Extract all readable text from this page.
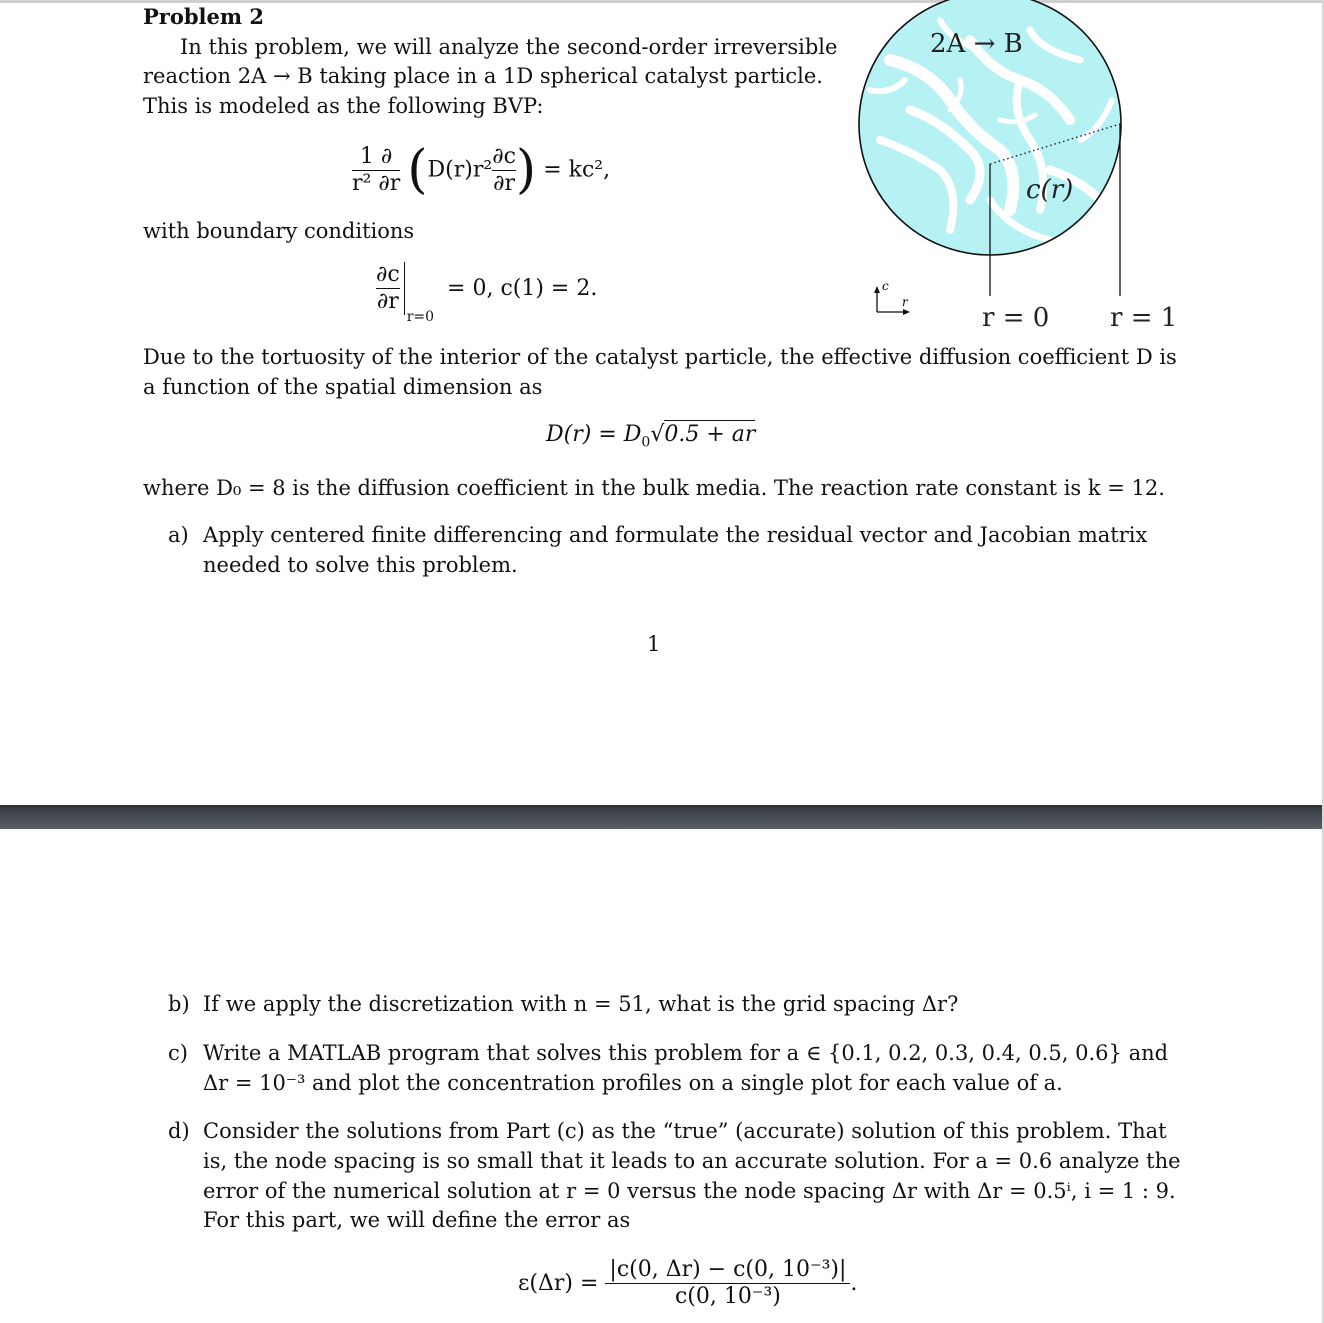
Problem 2
In this problem, we will analyze the second-order irreversible
reaction 2A → B taking place in a 1D spherical catalyst particle.
This is modeled as the following BVP:
$\frac{1 \partial}{\text{r² ∂r}} (D(r)r^2 \frac{\partial c}{\partial r}$ ) = kc²,
with boundary conditions
$\frac{\partial c}{\partial r}$
$_{r=0}$ = 0, c(1) = 2.	c
r
2A → B
c(r)
r = 0 r = 1
Due to the tortuosity of the interior of the catalyst particle, the effective diffusion coefficient D is
a function of the spatial dimension as
$D(r) = D_0√0.5$ + ar
where D₀ = 8 is the diffusion coefficient in the bulk media. The reaction rate constant is k = 12.
a) Apply centered finite differencing and formulate the residual vector and Jacobian matrix
needed to solve this problem.
1
b) If we apply the discretization with n = 51, what is the grid spacing Δr?
c) Write a MATLAB program that solves this problem for a ∈ {0.1, 0.2, 0.3, 0.4, 0.5, 0.6} and
Δr = 10⁻³ and plot the concentration profiles on a single plot for each value of a.
d) Consider the solutions from Part (c) as the “true” (accurate) solution of this problem. That
is, the node spacing is so small that it leads to an accurate solution. For a = 0.6 analyze the
error of the numerical solution at r = 0 versus the node spacing Δr with Δr = 0.5ⁱ, i = 1 : 9.
For this part, we will define the error as
$\varepsilon(\Delta r) = \frac{\text{|c(0, Δr) − c(0, 10⁻³)|}}{\text{c(0, 10⁻³)}}$ .
